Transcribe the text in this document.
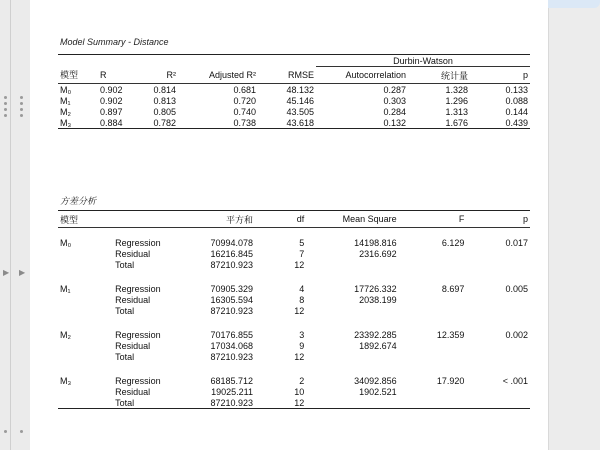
▶ ▶
Model Summary - Distance
					Durbin-Watson		
模型	R	R²	Adjusted R²	RMSE	Autocorrelation	统计量	p
M₀	0.902	0.814	0.681	48.132	0.287	1.328	0.133
M₁	0.902	0.813	0.720	45.146	0.303	1.296	0.088
M₂	0.897	0.805	0.740	43.505	0.284	1.313	0.144
M₃	0.884	0.782	0.738	43.618	0.132	1.676	0.439
方差分析
模型		平方和	df	Mean Square	F	p

M₀	Regression	70994.078	5	14198.816	6.129	0.017
	Residual	16216.845	7	2316.692		
	Total	87210.923	12			

M₁	Regression	70905.329	4	17726.332	8.697	0.005
	Residual	16305.594	8	2038.199		
	Total	87210.923	12			

M₂	Regression	70176.855	3	23392.285	12.359	0.002
	Residual	17034.068	9	1892.674		
	Total	87210.923	12			

M₃	Regression	68185.712	2	34092.856	17.920	< .001
	Residual	19025.211	10	1902.521		
	Total	87210.923	12			
